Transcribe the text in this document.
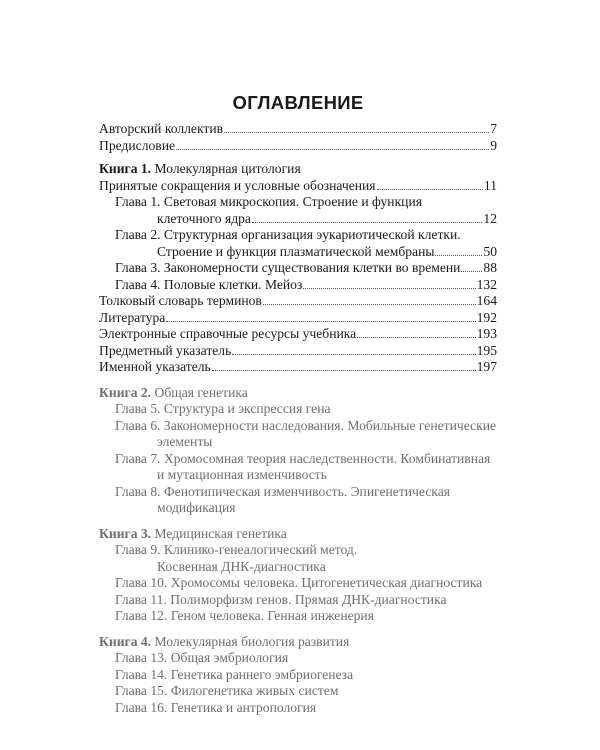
ОГЛАВЛЕНИЕ
Авторский коллектив	7
Предисловие	9
Книга 1. Молекулярная цитология
Принятые сокращения и условные обозначения	11
Глава 1. Световая микроскопия. Строение и функция
клеточного ядра	12
Глава 2. Структурная организация эукариотической клетки.
Строение и функция плазматической мембраны	50
Глава 3. Закономерности существования клетки во времени 88
Глава 4. Половые клетки. Мейоз	132
Толковый словарь терминов	164
Литература	192
Электронные справочные ресурсы учебника	193
Предметный указатель	195
Именной указатель	197
Книга 2. Общая генетика
Глава 5. Структура и экспрессия гена
Глава 6. Закономерности наследования. Мобильные генетические
элементы
Глава 7. Хромосомная теория наследственности. Комбинативная
и мутационная изменчивость
Глава 8. Фенотипическая изменчивость. Эпигенетическая
модификация
Книга 3. Медицинская генетика
Глава 9. Клинико-генеалогический метод.
Косвенная ДНК-диагностика
Глава 10. Хромосомы человека. Цитогенетическая диагностика
Глава 11. Полиморфизм генов. Прямая ДНК-диагностика
Глава 12. Геном человека. Генная инженерия
Книга 4. Молекулярная биология развития
Глава 13. Общая эмбриология
Глава 14. Генетика раннего эмбриогенеза
Глава 15. Филогенетика живых систем
Глава 16. Генетика и антропология
